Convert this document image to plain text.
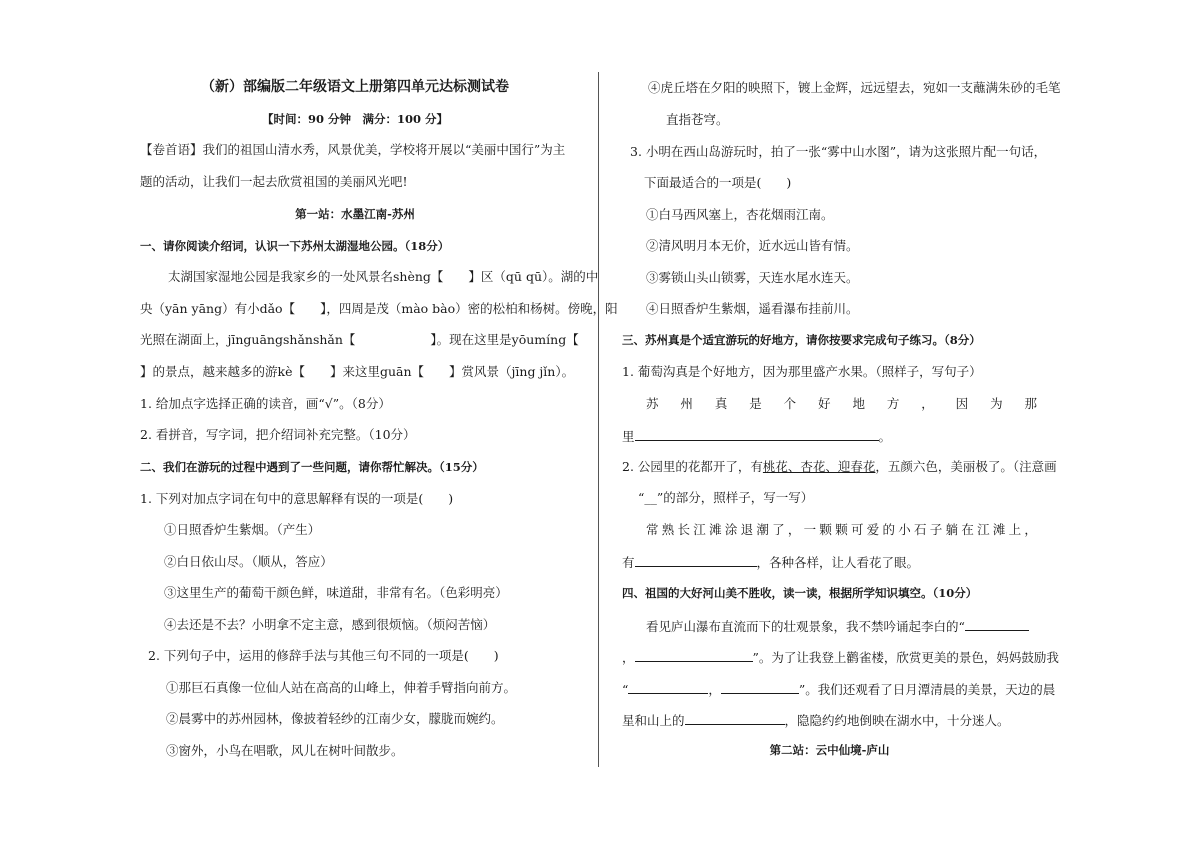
（新）部编版二年级语文上册第四单元达标测试卷
【时间：90 分钟　满分：100 分】
【卷首语】我们的祖国山清水秀，风景优美，学校将开展以“美丽中国行”为主
题的活动，让我们一起去欣赏祖国的美丽风光吧!
第一站：水墨江南-苏州
一、请你阅读介绍词，认识一下苏州太湖湿地公园。（18分）
太湖国家湿地公园是我家乡的一处风景名shèng【　　】区（qū qū）。湖的中
央（yān yāng）有小dǎo【　　】，四周是茂（mào bào）密的松柏和杨树。傍晚，阳
光照在湖面上，jīnguāngshǎnshǎn【　　　　　　】。现在这里是yōumíng【
】的景点，越来越多的游kè【　　】来这里guān【　　】赏风景（jīng jǐn）。
1. 给加点字选择正确的读音，画“√”。（8分）
2. 看拼音，写字词，把介绍词补充完整。（10分）
二、我们在游玩的过程中遇到了一些问题，请你帮忙解决。（15分）
1. 下列对加点字词在句中的意思解释有误的一项是(　　)
①日照香炉生紫烟。（产生）
②白日依山尽。（顺从，答应）
③这里生产的葡萄干颜色鲜，味道甜，非常有名。（色彩明亮）
④去还是不去？小明拿不定主意，感到很烦恼。（烦闷苦恼）
2. 下列句子中，运用的修辞手法与其他三句不同的一项是(　　)
①那巨石真像一位仙人站在高高的山峰上，伸着手臂指向前方。
②晨雾中的苏州园林，像披着轻纱的江南少女，朦胧而婉约。
③窗外，小鸟在唱歌，风儿在树叶间散步。
④虎丘塔在夕阳的映照下，镀上金辉，远远望去，宛如一支蘸满朱砂的毛笔
直指苍穹。
3. 小明在西山岛游玩时，拍了一张“雾中山水图”，请为这张照片配一句话，
下面最适合的一项是(　　)
①白马西风塞上，杏花烟雨江南。
②清风明月本无价，近水远山皆有情。
③雾锁山头山锁雾，天连水尾水连天。
④日照香炉生紫烟，遥看瀑布挂前川。
三、苏州真是个适宜游玩的好地方，请你按要求完成句子练习。（8分）
1. 葡萄沟真是个好地方，因为那里盛产水果。（照样子，写句子）
苏 州 真 是 个 好 地 方 ， 因 为 那
里	。
2. 公园里的花都开了，有桃花、杏花、迎春花，五颜六色，美丽极了。（注意画
“__”的部分，照样子，写一写）
常 熟 长 江 滩 涂 退 潮 了 ， 一 颗 颗 可 爱 的 小 石 子 躺 在 江 滩 上 ，
有	，各种各样，让人看花了眼。
四、祖国的大好河山美不胜收，读一读，根据所学知识填空。（10分）
看见庐山瀑布直流而下的壮观景象，我不禁吟诵起李白的“
，	”。为了让我登上鹳雀楼，欣赏更美的景色，妈妈鼓励我
“	，	”。我们还观看了日月潭清晨的美景，天边的晨
星和山上的	，隐隐约约地倒映在湖水中，十分迷人。
第二站：云中仙境-庐山
